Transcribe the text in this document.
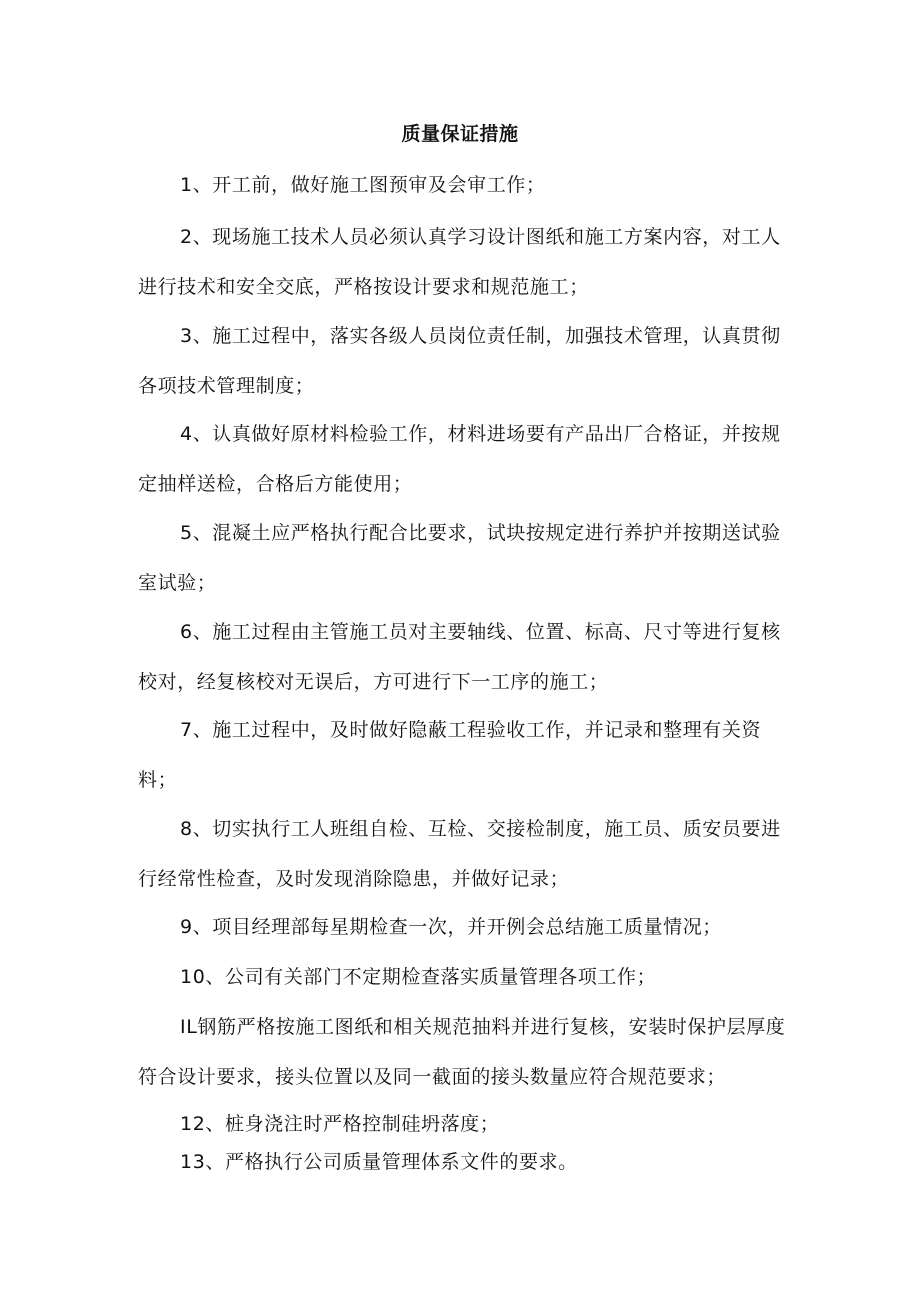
质量保证措施

1、开工前，做好施工图预审及会审工作；

2、现场施工技术人员必须认真学习设计图纸和施工方案内容，对工人进行技术和安全交底，严格按设计要求和规范施工；

3、施工过程中，落实各级人员岗位责任制，加强技术管理，认真贯彻各项技术管理制度；

4、认真做好原材料检验工作，材料进场要有产品出厂合格证，并按规定抽样送检，合格后方能使用；

5、混凝土应严格执行配合比要求，试块按规定进行养护并按期送试验室试验；

6、施工过程由主管施工员对主要轴线、位置、标高、尺寸等进行复核校对，经复核校对无误后，方可进行下一工序的施工；

7、施工过程中，及时做好隐蔽工程验收工作，并记录和整理有关资料；

8、切实执行工人班组自检、互检、交接检制度，施工员、质安员要进行经常性检查，及时发现消除隐患，并做好记录；

9、项目经理部每星期检查一次，并开例会总结施工质量情况；

10、公司有关部门不定期检查落实质量管理各项工作；

IL钢筋严格按施工图纸和相关规范抽料并进行复核，安装时保护层厚度符合设计要求，接头位置以及同一截面的接头数量应符合规范要求；

12、桩身浇注时严格控制硅坍落度；

13、严格执行公司质量管理体系文件的要求。
